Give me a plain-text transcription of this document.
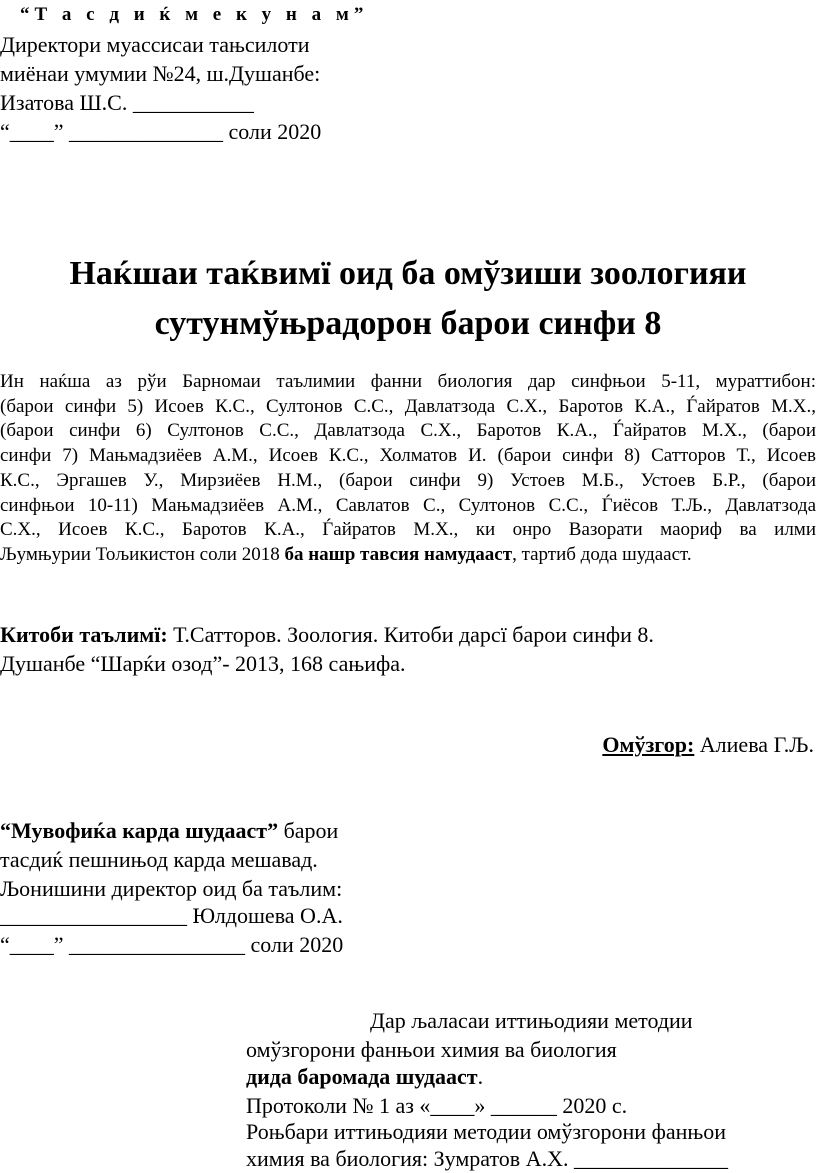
“Т а с д и ќ м е к у н а м”
Директори муассисаи тањсилоти
миёнаи умумии №24, ш.Душанбе:
Изатова Ш.С. ___________
“____” ______________ соли 2020
Наќшаи таќвимї оид ба омўзиши зоологияи
сутунмўњрадорон барои синфи 8
Ин наќша аз рўи Барномаи таълимии фанни биология дар синфњои 5-11, мураттибон:
(барои синфи 5) Исоев К.С., Султонов С.С., Давлатзода С.Х., Баротов К.А., Ѓайратов М.Х.,
(барои синфи 6) Султонов С.С., Давлатзода С.Х., Баротов К.А., Ѓайратов М.Х., (барои
синфи 7) Мањмадзиёев А.М., Исоев К.С., Холматов И. (барои синфи 8) Сатторов Т., Исоев
К.С., Эргашев У., Мирзиёев Н.М., (барои синфи 9) Устоев М.Б., Устоев Б.Р., (барои
синфњои 10-11) Мањмадзиёев А.М., Савлатов С., Султонов С.С., Ѓиёсов Т.Љ., Давлатзода
С.Х., Исоев К.С., Баротов К.А., Ѓайратов М.Х., ки онро Вазорати маориф ва илми
Љумњурии Тољикистон соли 2018 ба нашр тавсия намудааст, тартиб дода шудааст.
Китоби таълимї: Т.Сатторов. Зоология. Китоби дарсї барои синфи 8.
Душанбе “Шарќи озод”- 2013, 168 сањифа.
Омўзгор: Алиева Г.Љ.
“Мувофиќа карда шудааст” барои
тасдиќ пешнињод карда мешавад.
Љонишини директор оид ба таълим:
_________________ Юлдошева О.А.
“____” ________________ соли 2020
Дар љаласаи иттињодияи методии
омўзгорони фанњои химия ва биология
дида баромада шудааст.
Протоколи № 1 аз «____» ______ 2020 с.
Роњбари иттињодияи методии омўзгорони фанњои
химия ва биология: Зумратов А.Х. ______________
